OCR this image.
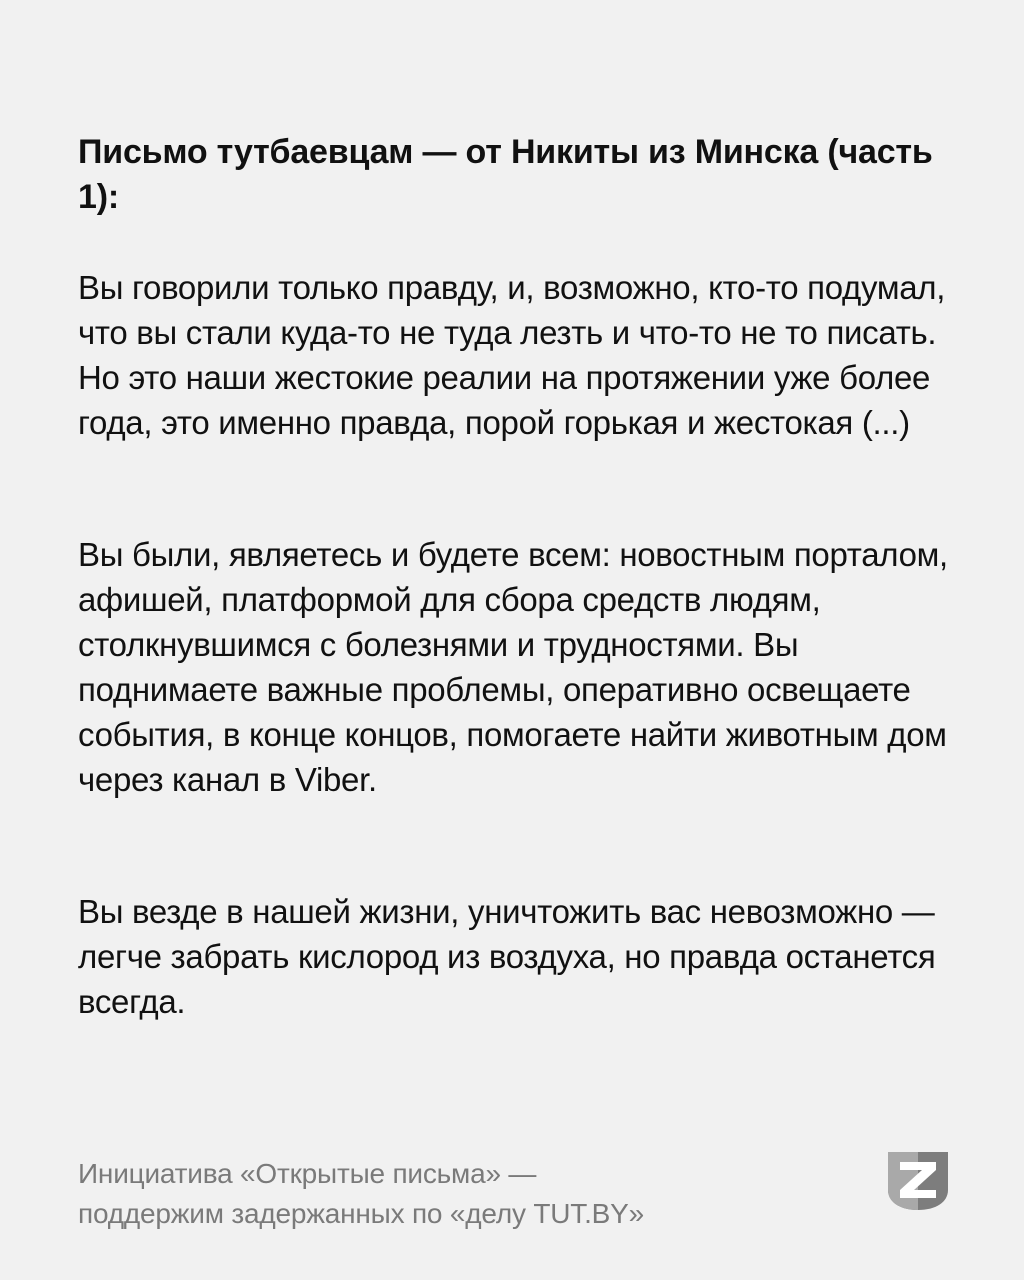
Письмо тутбаевцам — от Никиты из Минска (часть 1):
Вы говорили только правду, и, возможно, кто-то подумал, что вы стали куда-то не туда лезть и что-то не то писать. Но это наши жестокие реалии на протяжении уже более года, это именно правда, порой горькая и жестокая (...)
Вы были, являетесь и будете всем: новостным порталом, афишей, платформой для сбора средств людям, столкнувшимся с болезнями и трудностями. Вы поднимаете важные проблемы, оперативно освещаете события, в конце концов, помогаете найти животным дом через канал в Viber.
Вы везде в нашей жизни, уничтожить вас невозможно — легче забрать кислород из воздуха, но правда останется всегда.
Инициатива «Открытые письма» —
поддержим задержанных по «делу TUT.BY»
